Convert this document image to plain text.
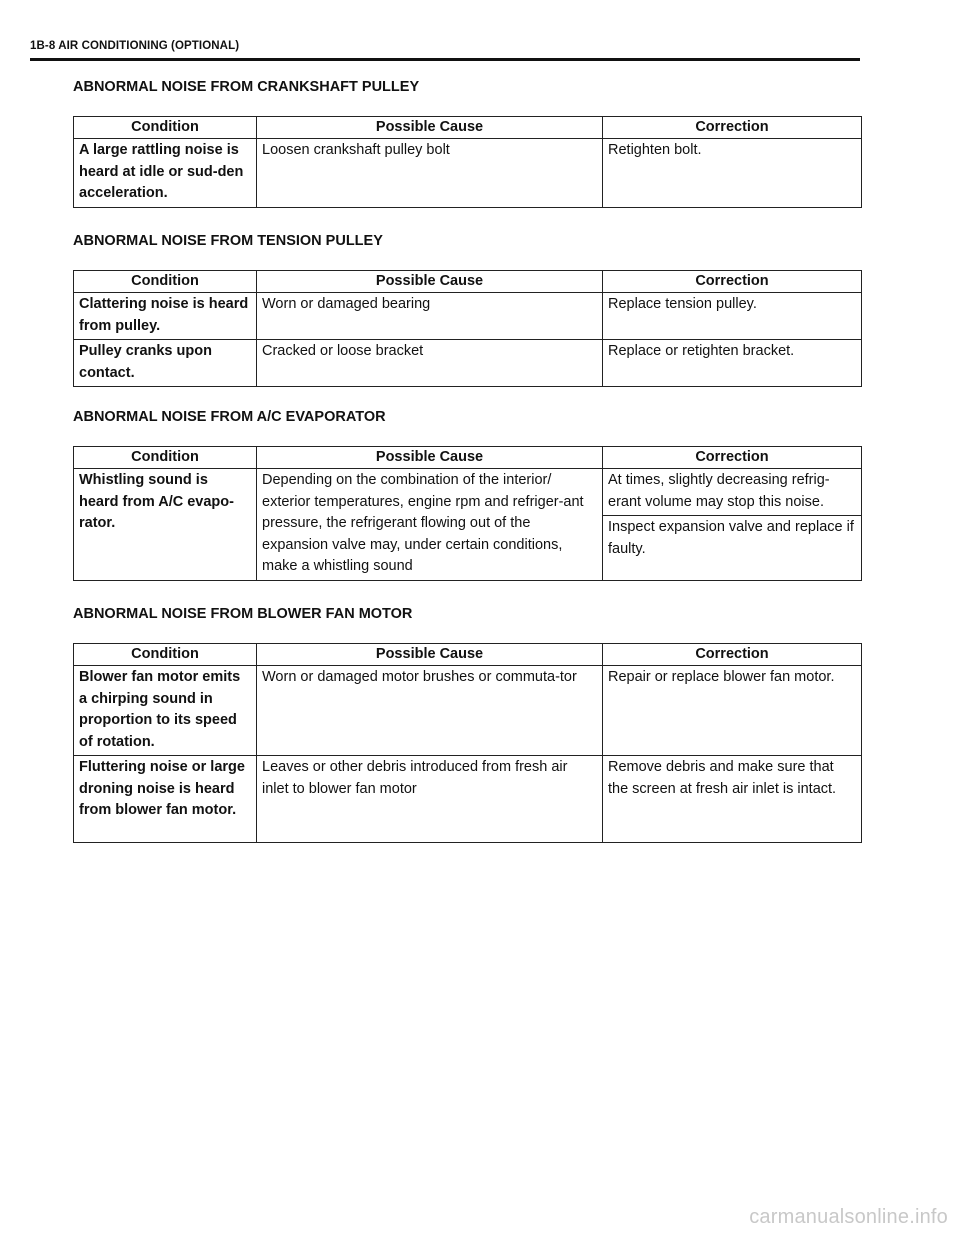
1B-8 AIR CONDITIONING (OPTIONAL)
ABNORMAL NOISE FROM CRANKSHAFT PULLEY
Condition	Possible Cause	Correction
A large rattling noise is heard at idle or sud-den acceleration.	Loosen crankshaft pulley bolt	Retighten bolt.
ABNORMAL NOISE FROM TENSION PULLEY
Condition	Possible Cause	Correction
Clattering noise is heard from pulley.	Worn or damaged bearing	Replace tension pulley.
Pulley cranks upon contact.	Cracked or loose bracket	Replace or retighten bracket.
ABNORMAL NOISE FROM A/C EVAPORATOR
Condition	Possible Cause	Correction
Whistling sound is heard from A/C evapo-rator.	Depending on the combination of the interior/ exterior temperatures, engine rpm and refriger-ant pressure, the refrigerant flowing out of the expansion valve may, under certain conditions, make a whistling sound	At times, slightly decreasing refrig-erant volume may stop this noise.
		Inspect expansion valve and replace if faulty.
ABNORMAL NOISE FROM BLOWER FAN MOTOR
Condition	Possible Cause	Correction
Blower fan motor emits a chirping sound in proportion to its speed of rotation.	Worn or damaged motor brushes or commuta-tor	Repair or replace blower fan motor.
Fluttering noise or large droning noise is heard from blower fan motor.	Leaves or other debris introduced from fresh air inlet to blower fan motor	Remove debris and make sure that the screen at fresh air inlet is intact.
carmanualsonline.info
